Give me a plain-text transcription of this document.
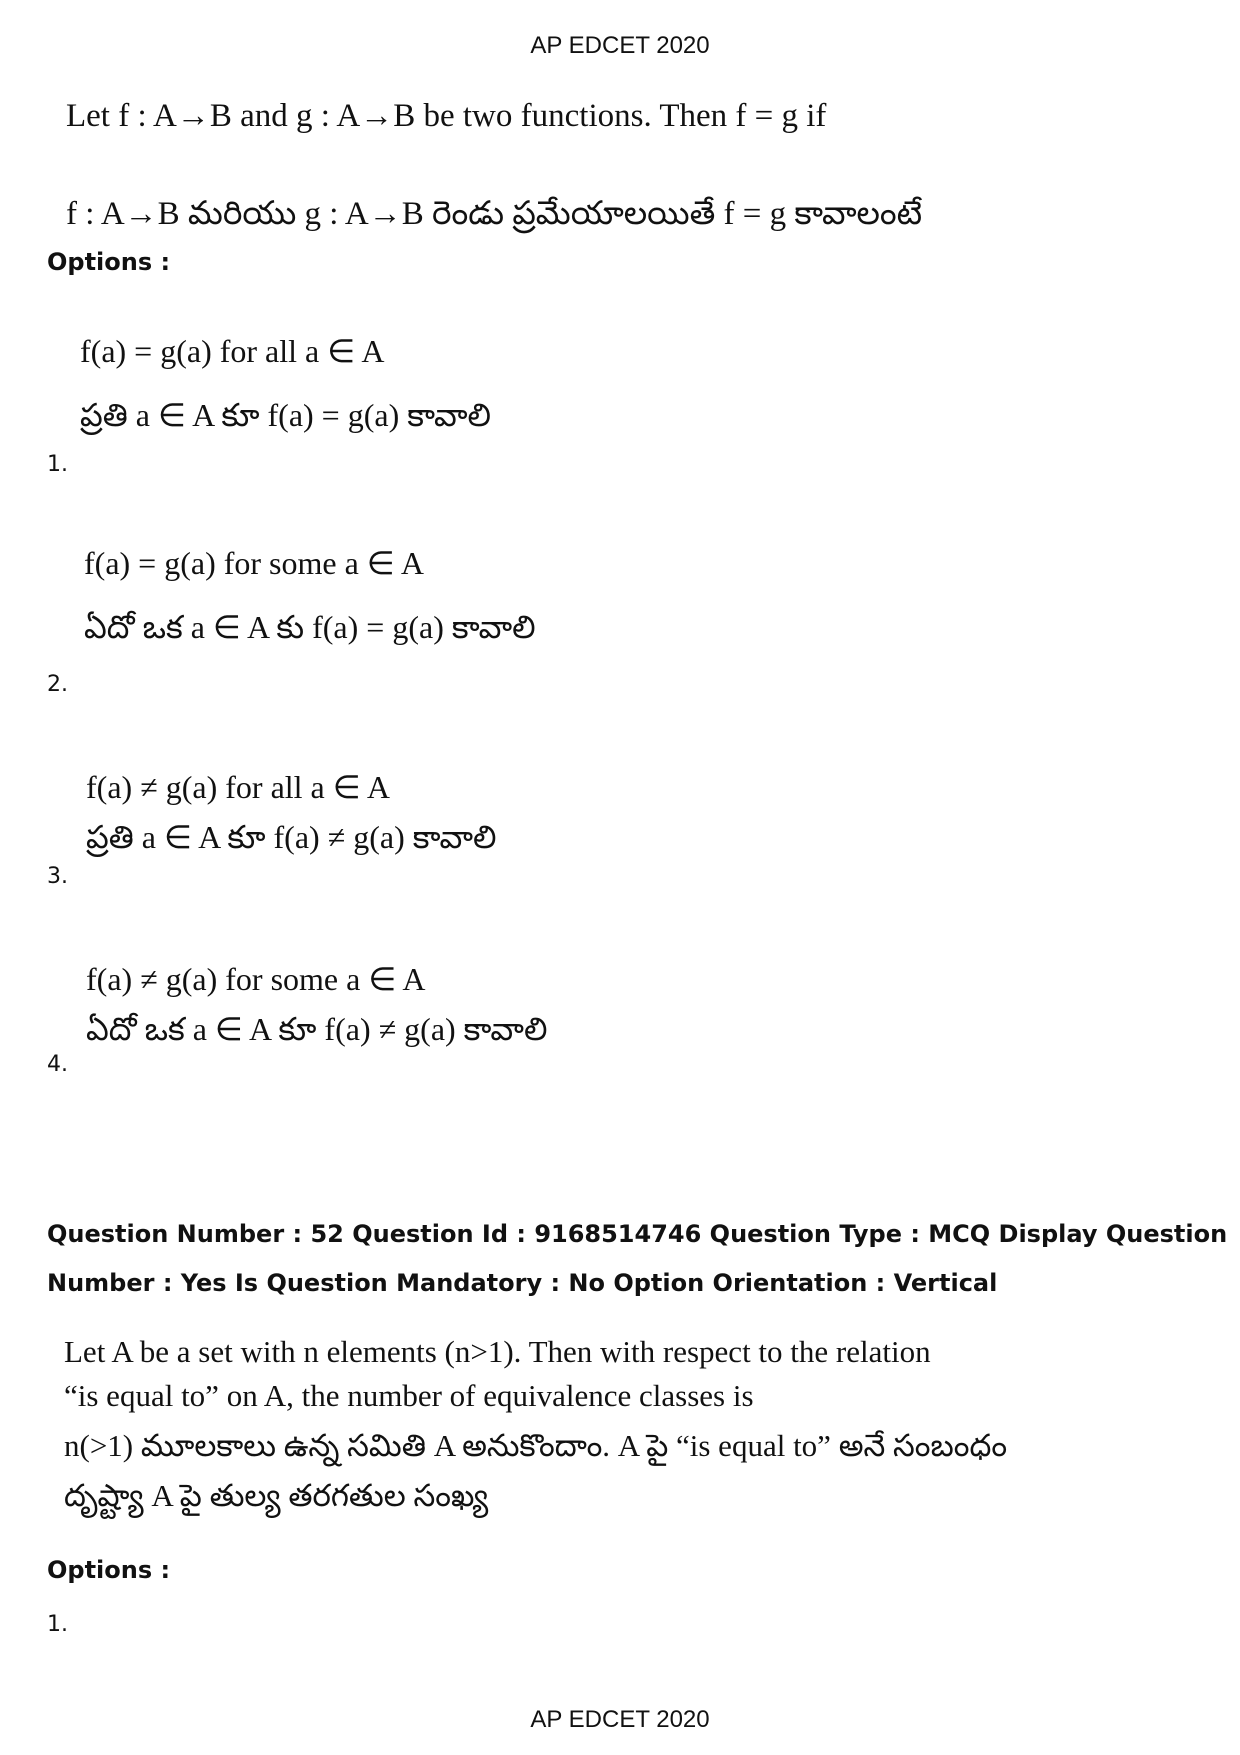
AP EDCET 2020
Let f : A→B and g : A→B be two functions. Then f = g if
f : A→B మరియు g : A→B రెండు ప్రమేయాలయితే f = g కావాలంటే
Options :
f(a) = g(a) for all a ∈ A
ప్రతి a ∈ A కూ f(a) = g(a) కావాలి
1.
f(a) = g(a) for some a ∈ A
ఏదో ఒక a ∈ A కు f(a) = g(a) కావాలి
2.
f(a) ≠ g(a) for all a ∈ A
ప్రతి a ∈ A కూ f(a) ≠ g(a) కావాలి
3.
f(a) ≠ g(a) for some a ∈ A
ఏదో ఒక a ∈ A కూ f(a) ≠ g(a) కావాలి
4.
Question Number : 52 Question Id : 9168514746 Question Type : MCQ Display Question
Number : Yes Is Question Mandatory : No Option Orientation : Vertical
Let A be a set with n elements (n>1). Then with respect to the relation
“is equal to” on A, the number of equivalence classes is
n(>1) మూలకాలు ఉన్న సమితి A అనుకొందాం. A పై “is equal to” అనే సంబంధం
దృష్ట్యా A పై తుల్య తరగతుల సంఖ్య
Options :
1.
AP EDCET 2020
